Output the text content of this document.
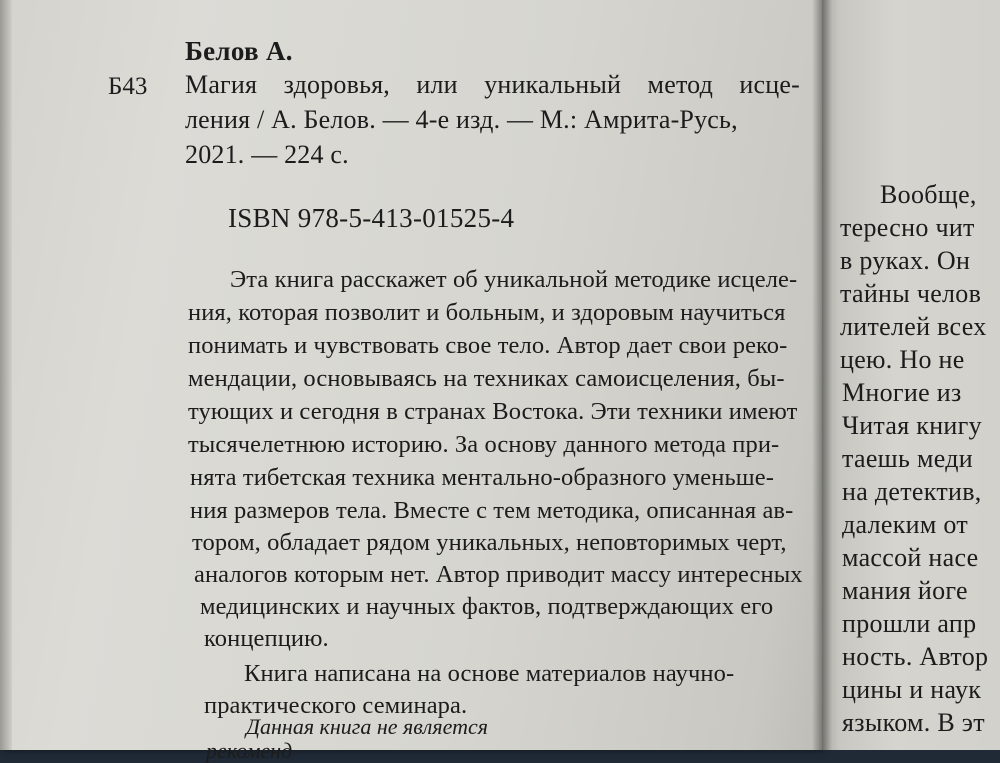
Белов А.
Б43 Магия здоровья, или уникальный метод исце-
ления / А. Белов. — 4-е изд. — М.: Амрита-Русь,
2021. — 224 с.
ISBN 978-5-413-01525-4
Эта книга расскажет об уникальной методике исцеле-
ния, которая позволит и больным, и здоровым научиться
понимать и чувствовать свое тело. Автор дает свои реко-
мендации, основываясь на техниках самоисцеления, бы-
тующих и сегодня в странах Востока. Эти техники имеют
тысячелетнюю историю. За основу данного метода при-
нята тибетская техника ментально-образного уменьше-
ния размеров тела. Вместе с тем методика, описанная ав-
тором, обладает рядом уникальных, неповторимых черт,
аналогов которым нет. Автор приводит массу интересных
медицинских и научных фактов, подтверждающих его
концепцию.
Книга написана на основе материалов научно-
практического семинара.
Данная книга не является
рекоменд
Вообще,
тересно чит
в руках. Он
тайны челов
лителей всех
цею. Но не
Многие из
Читая книгу
таешь меди
на детектив,
далеким от
массой насе
мания йоге
прошли апр
ность. Автор
цины и наук
языком. В эт
